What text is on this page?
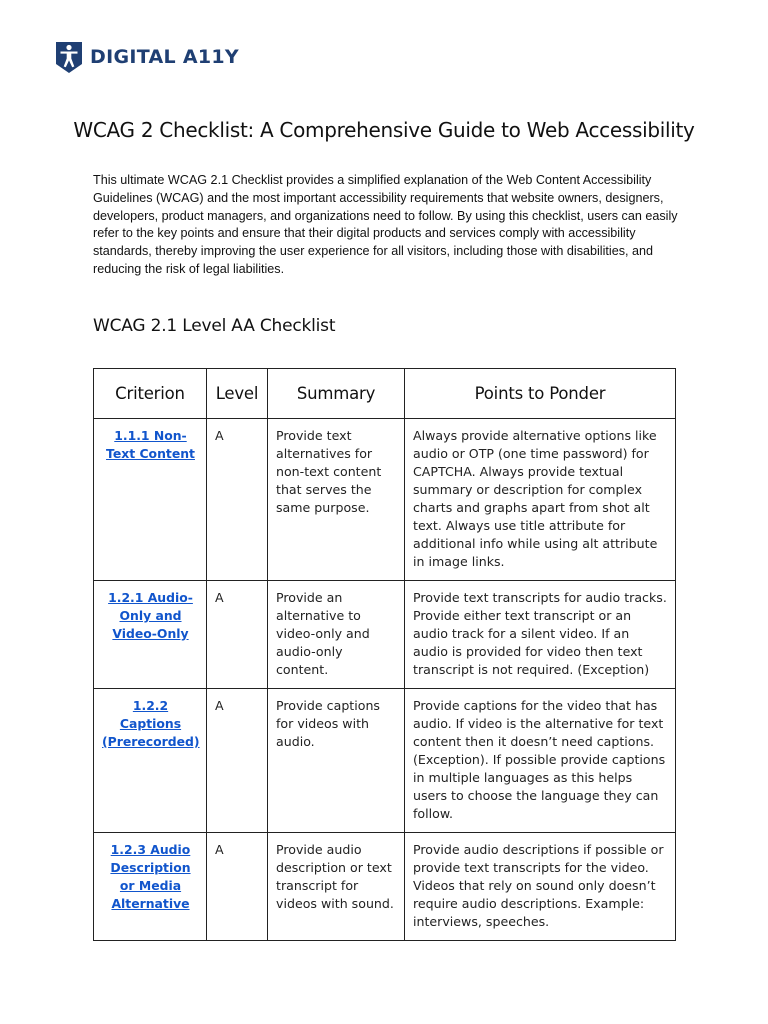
DIGITAL A11Y
WCAG 2 Checklist: A Comprehensive Guide to Web Accessibility

This ultimate WCAG 2.1 Checklist provides a simplified explanation of the Web Content Accessibility Guidelines (WCAG) and the most important accessibility requirements that website owners, designers, developers, product managers, and organizations need to follow. By using this checklist, users can easily refer to the key points and ensure that their digital products and services comply with accessibility standards, thereby improving the user experience for all visitors, including those with disabilities, and reducing the risk of legal liabilities.

WCAG 2.1 Level AA Checklist
Criterion	Level	Summary	Points to Ponder
1.1.1 Non-Text Content	A	Provide text alternatives for non-text content that serves the same purpose.	Always provide alternative options like audio or OTP (one time password) for CAPTCHA. Always provide textual summary or description for complex charts and graphs apart from shot alt text. Always use title attribute for additional info while using alt attribute in image links.
1.2.1 Audio-Only and Video-Only	A	Provide an alternative to video-only and audio-only content.	Provide text transcripts for audio tracks. Provide either text transcript or an audio track for a silent video. If an audio is provided for video then text transcript is not required. (Exception)
1.2.2 Captions (Prerecorded)	A	Provide captions for videos with audio.	Provide captions for the video that has audio. If video is the alternative for text content then it doesn’t need captions. (Exception). If possible provide captions in multiple languages as this helps users to choose the language they can follow.
1.2.3 Audio Description or Media Alternative	A	Provide audio description or text transcript for videos with sound.	Provide audio descriptions if possible or provide text transcripts for the video. Videos that rely on sound only doesn’t require audio descriptions. Example: interviews, speeches.
